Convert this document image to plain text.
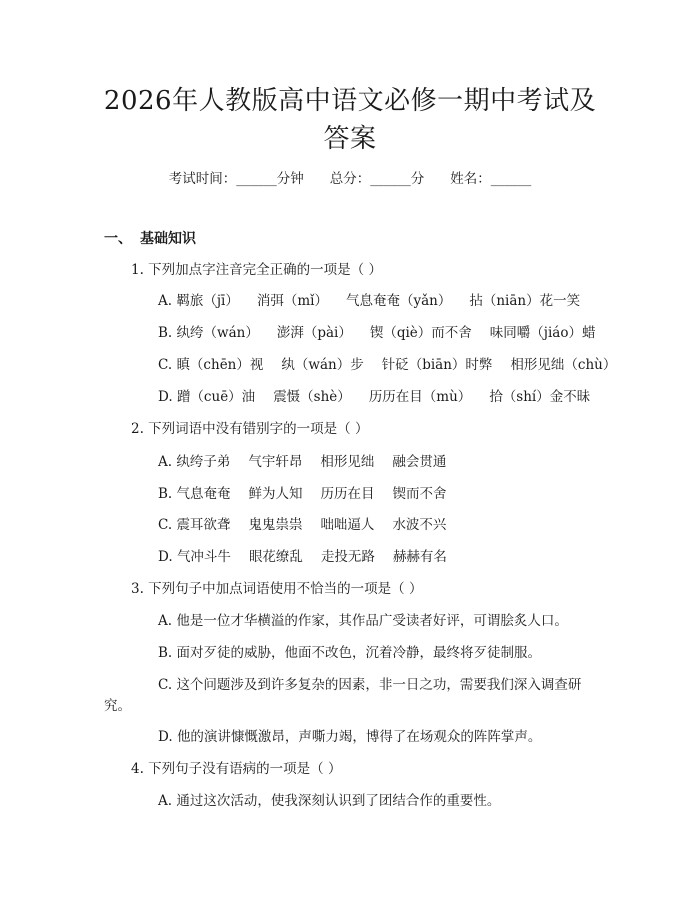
2026年人教版高中语文必修一期中考试及答案
考试时间：______分钟 总分：______分 姓名：______
一、 基础知识
1. 下列加点字注音完全正确的一项是（ ）
A. 羁旅（jī） 消弭（mǐ） 气息奄奄（yǎn） 拈（niān）花一笑
B. 纨绔（wán） 澎湃（pài） 锲（qiè）而不舍 味同嚼（jiáo）蜡
C. 瞋（chēn）视 纨（wán）步 针砭（biān）时弊 相形见绌（chù）
D. 蹭（cuē）油 震慑（shè） 历历在目（mù） 拾（shí）金不昧
2. 下列词语中没有错别字的一项是（ ）
A. 纨绔子弟 气宇轩昂 相形见绌 融会贯通
B. 气息奄奄 鲜为人知 历历在目 锲而不舍
C. 震耳欲聋 鬼鬼祟祟 咄咄逼人 水波不兴
D. 气冲斗牛 眼花缭乱 走投无路 赫赫有名
3. 下列句子中加点词语使用不恰当的一项是（ ）
A. 他是一位才华横溢的作家，其作品广受读者好评，可谓脍炙人口。
B. 面对歹徒的威胁，他面不改色，沉着冷静，最终将歹徒制服。
C. 这个问题涉及到许多复杂的因素，非一日之功，需要我们深入调查研
究。
D. 他的演讲慷慨激昂，声嘶力竭，博得了在场观众的阵阵掌声。
4. 下列句子没有语病的一项是（ ）
A. 通过这次活动，使我深刻认识到了团结合作的重要性。
